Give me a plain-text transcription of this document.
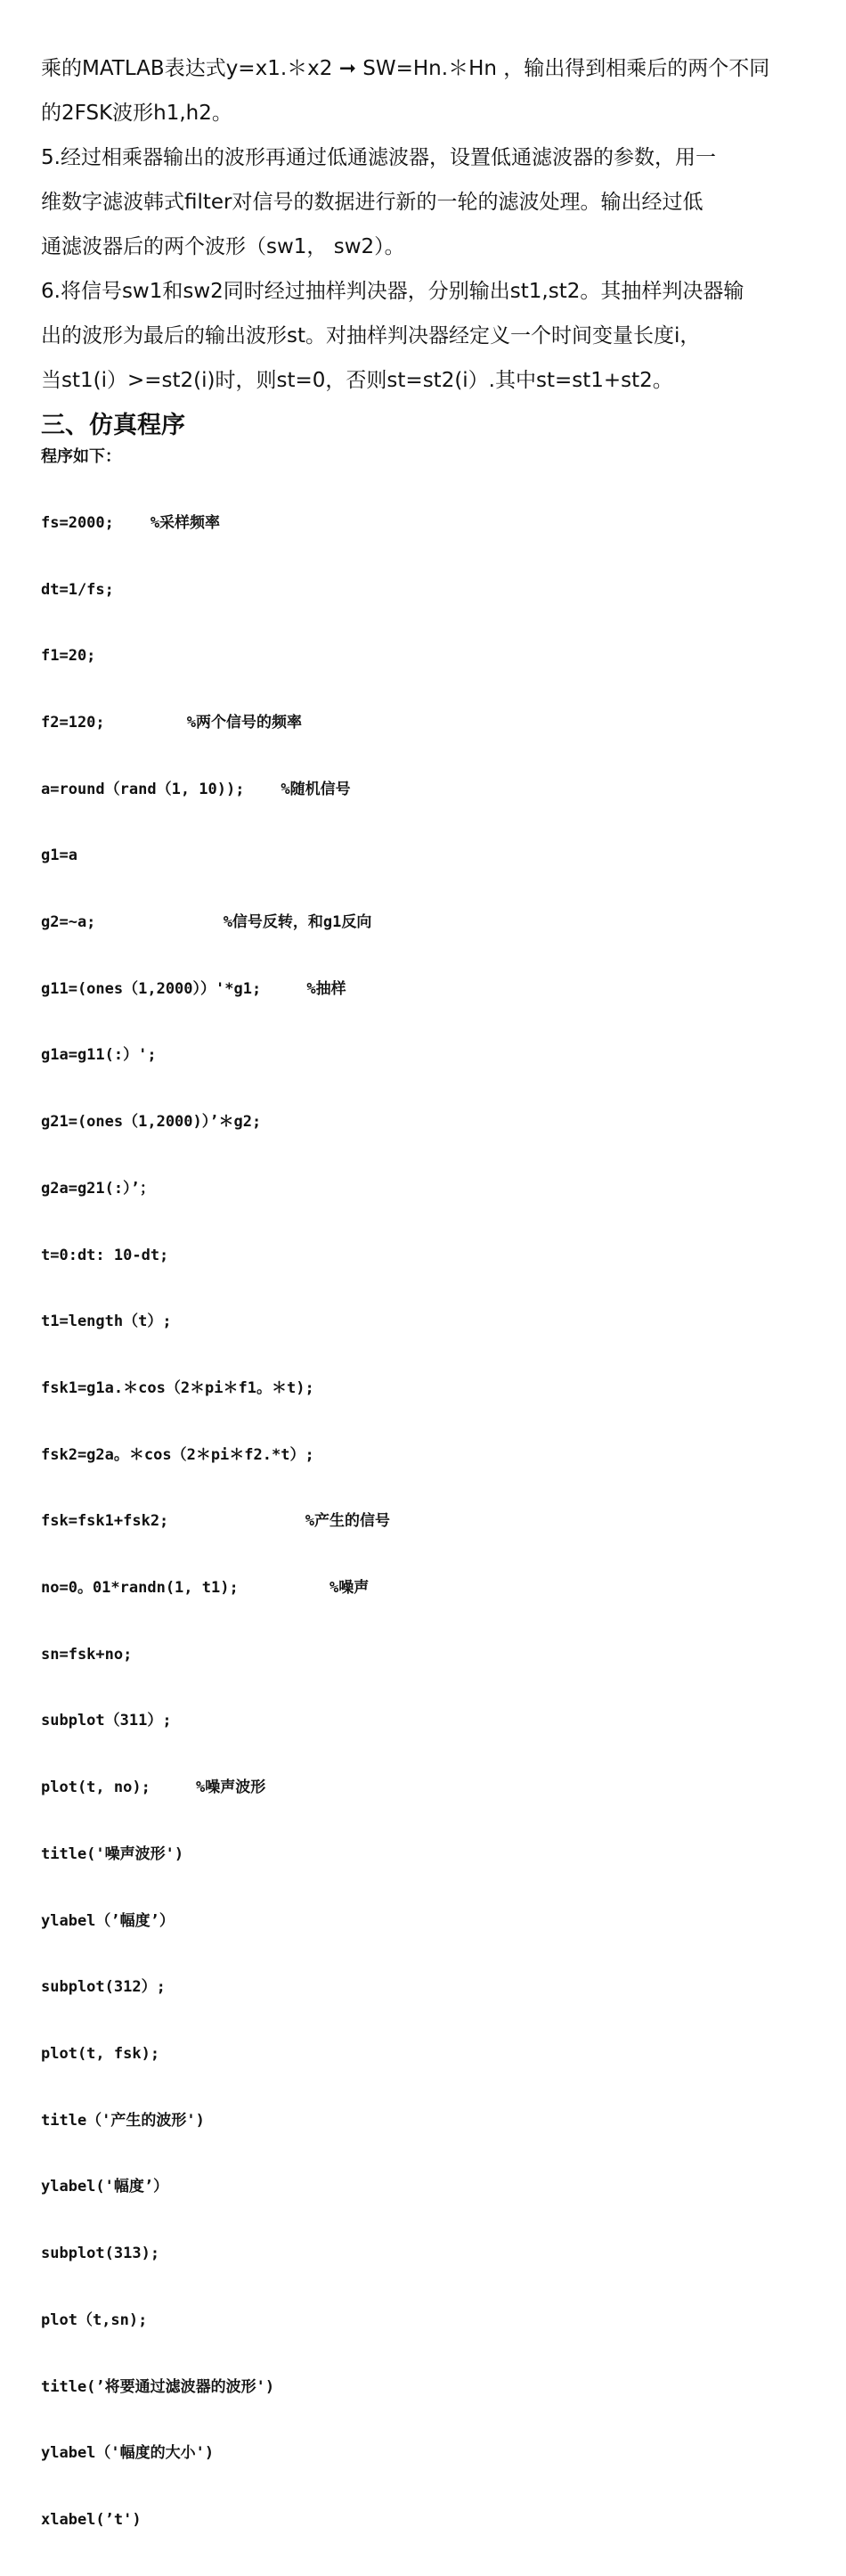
乘的MATLAB表达式y=x1.＊x2 ➞ SW=Hn.＊Hn ，输出得到相乘后的两个不同
的2FSK波形h1,h2。
5.经过相乘器输出的波形再通过低通滤波器，设置低通滤波器的参数，用一
维数字滤波韩式filter对信号的数据进行新的一轮的滤波处理。输出经过低
通滤波器后的两个波形（sw1， sw2）。
6.将信号sw1和sw2同时经过抽样判决器，分别输出st1,st2。其抽样判决器输
出的波形为最后的输出波形st。对抽样判决器经定义一个时间变量长度i，
当st1(i）>=st2(i)时，则st=0，否则st=st2(i）.其中st=st1+st2。
三、仿真程序
程序如下：

fs=2000;    %采样频率

dt=1/fs;

f1=20;

f2=120;         %两个信号的频率

a=round（rand（1, 10));    %随机信号

g1=a

g2=~a;              %信号反转，和g1反向

g11=(ones（1,2000））'*g1;     %抽样

g1a=g11(:）';

g21=(ones（1,2000)）’＊g2;

g2a=g21(:）’；

t=0:dt: 10-dt;

t1=length（t）;

fsk1=g1a.＊cos（2＊pi＊f1。＊t);

fsk2=g2a。＊cos（2＊pi＊f2.*t）;

fsk=fsk1+fsk2;               %产生的信号

no=0。01*randn(1, t1);          %噪声

sn=fsk+no;

subplot（311）;

plot(t, no);     %噪声波形

title('噪声波形')

ylabel（’幅度’）

subplot(312）;

plot(t, fsk);

title（'产生的波形')

ylabel('幅度’）

subplot(313);

plot（t,sn);

title(’将要通过滤波器的波形')

ylabel（'幅度的大小')

xlabel(’t')
